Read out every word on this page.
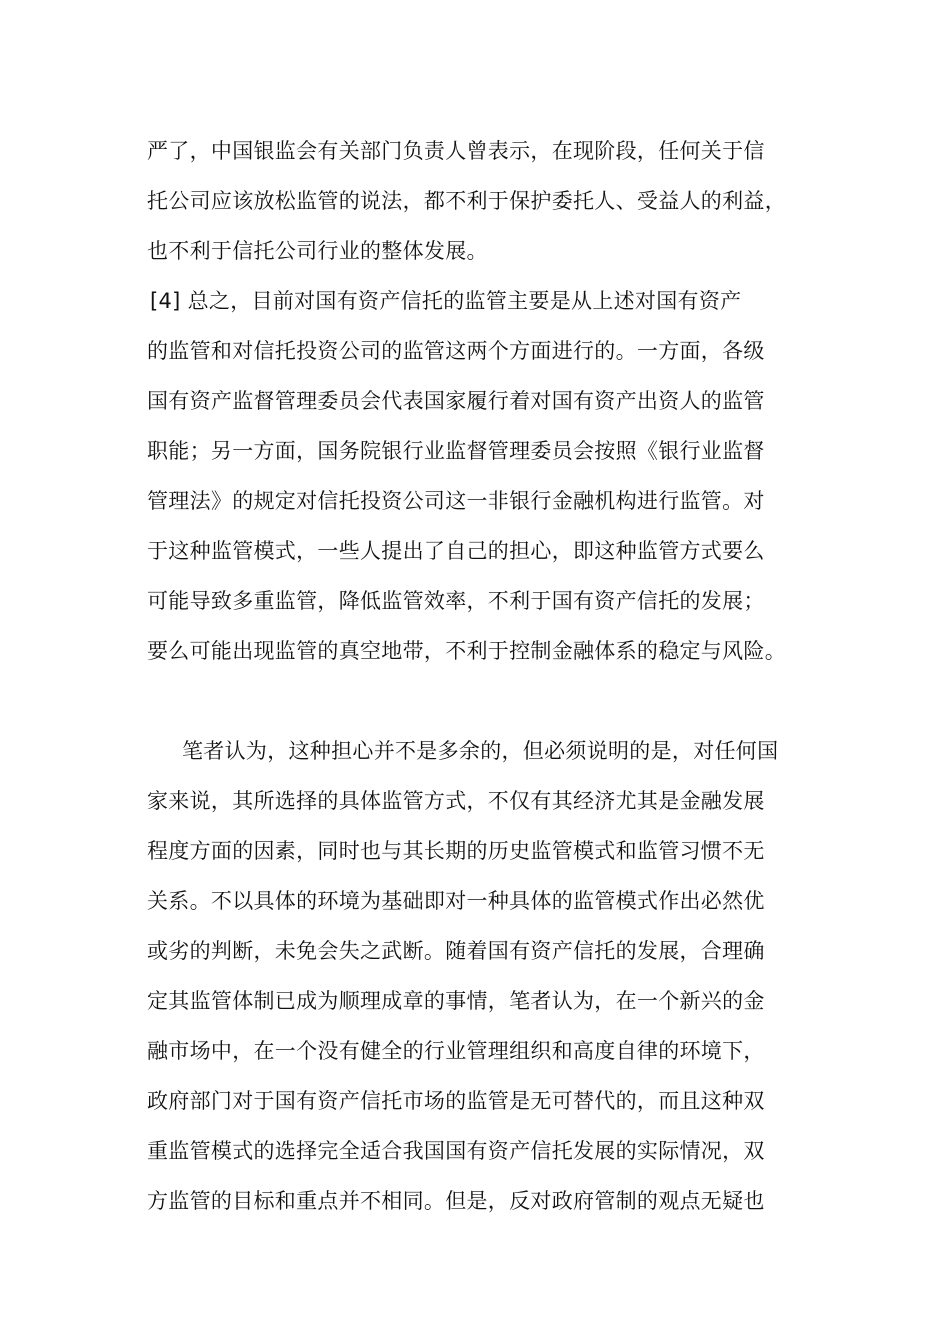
严了，中国银监会有关部门负责人曾表示，在现阶段，任何关于信
托公司应该放松监管的说法，都不利于保护委托人、受益人的利益，
也不利于信托公司行业的整体发展。
[4] 总之，目前对国有资产信托的监管主要是从上述对国有资产
的监管和对信托投资公司的监管这两个方面进行的。一方面，各级
国有资产监督管理委员会代表国家履行着对国有资产出资人的监管
职能；另一方面，国务院银行业监督管理委员会按照《银行业监督
管理法》的规定对信托投资公司这一非银行金融机构进行监管。对
于这种监管模式，一些人提出了自己的担心，即这种监管方式要么
可能导致多重监管，降低监管效率，不利于国有资产信托的发展；
要么可能出现监管的真空地带，不利于控制金融体系的稳定与风险。
笔者认为，这种担心并不是多余的，但必须说明的是，对任何国
家来说，其所选择的具体监管方式，不仅有其经济尤其是金融发展
程度方面的因素，同时也与其长期的历史监管模式和监管习惯不无
关系。不以具体的环境为基础即对一种具体的监管模式作出必然优
或劣的判断，未免会失之武断。随着国有资产信托的发展，合理确
定其监管体制已成为顺理成章的事情，笔者认为，在一个新兴的金
融市场中，在一个没有健全的行业管理组织和高度自律的环境下，
政府部门对于国有资产信托市场的监管是无可替代的，而且这种双
重监管模式的选择完全适合我国国有资产信托发展的实际情况，双
方监管的目标和重点并不相同。但是，反对政府管制的观点无疑也
